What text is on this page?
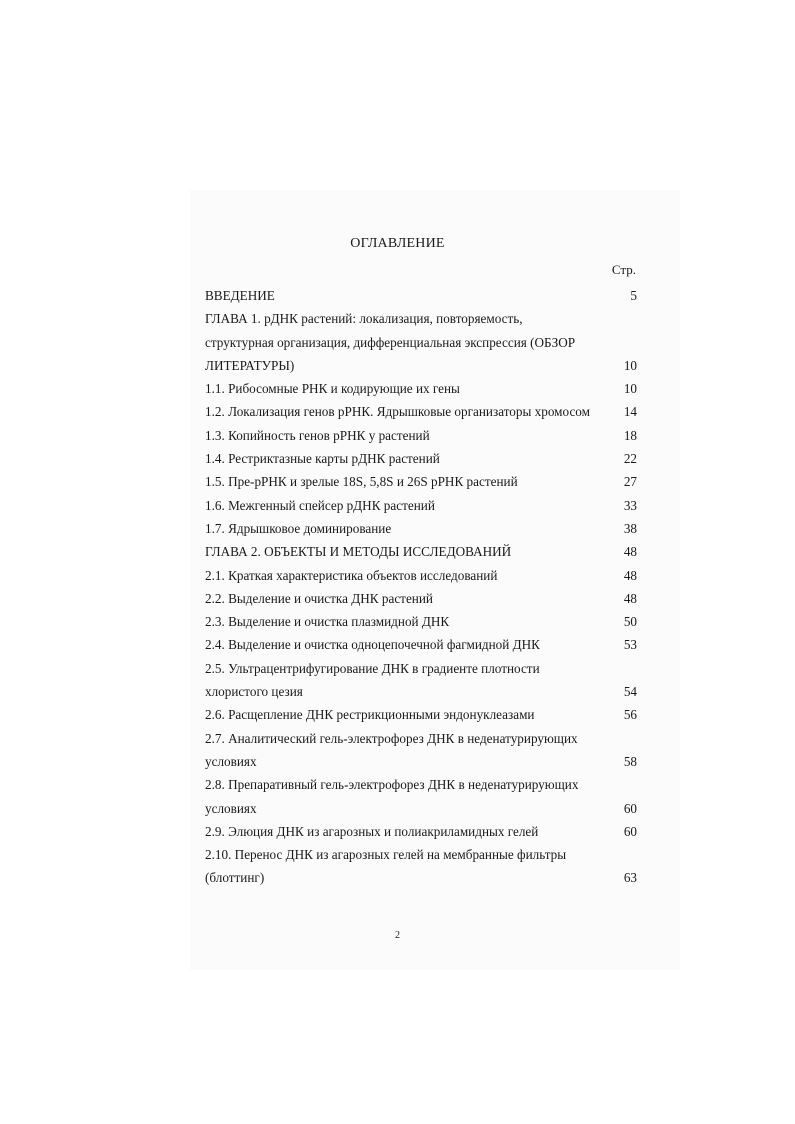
ОГЛАВЛЕНИЕ
Стр.
ВВЕДЕНИЕ	5
ГЛАВА 1. рДНК растений: локализация, повторяемость, структурная организация, дифференциальная экспрессия (ОБЗОР ЛИТЕРАТУРЫ)	10
1.1. Рибосомные РНК и кодирующие их гены	10
1.2. Локализация генов рРНК. Ядрышковые организаторы хромосом	14
1.3. Копийность генов рРНК у растений	18
1.4. Рестриктазные карты рДНК растений	22
1.5. Пре-рРНК и зрелые 18S, 5,8S и 26S рРНК растений	27
1.6. Межгенный спейсер рДНК растений	33
1.7. Ядрышковое доминирование	38
ГЛАВА 2. ОБЪЕКТЫ И МЕТОДЫ ИССЛЕДОВАНИЙ	48
2.1. Краткая характеристика объектов исследований	48
2.2. Выделение и очистка ДНК растений	48
2.3. Выделение и очистка плазмидной ДНК	50
2.4. Выделение и очистка одноцепочечной фагмидной ДНК	53
2.5. Ультрацентрифугирование ДНК в градиенте плотности хлористого цезия	54
2.6. Расщепление ДНК рестрикционными эндонуклеазами	56
2.7. Аналитический гель-электрофорез ДНК в неденатурирующих условиях	58
2.8. Препаративный гель-электрофорез ДНК в неденатурирующих условиях	60
2.9. Элюция ДНК из агарозных и полиакриламидных гелей	60
2.10. Перенос ДНК из агарозных гелей на мембранные фильтры (блоттинг)	63
2
